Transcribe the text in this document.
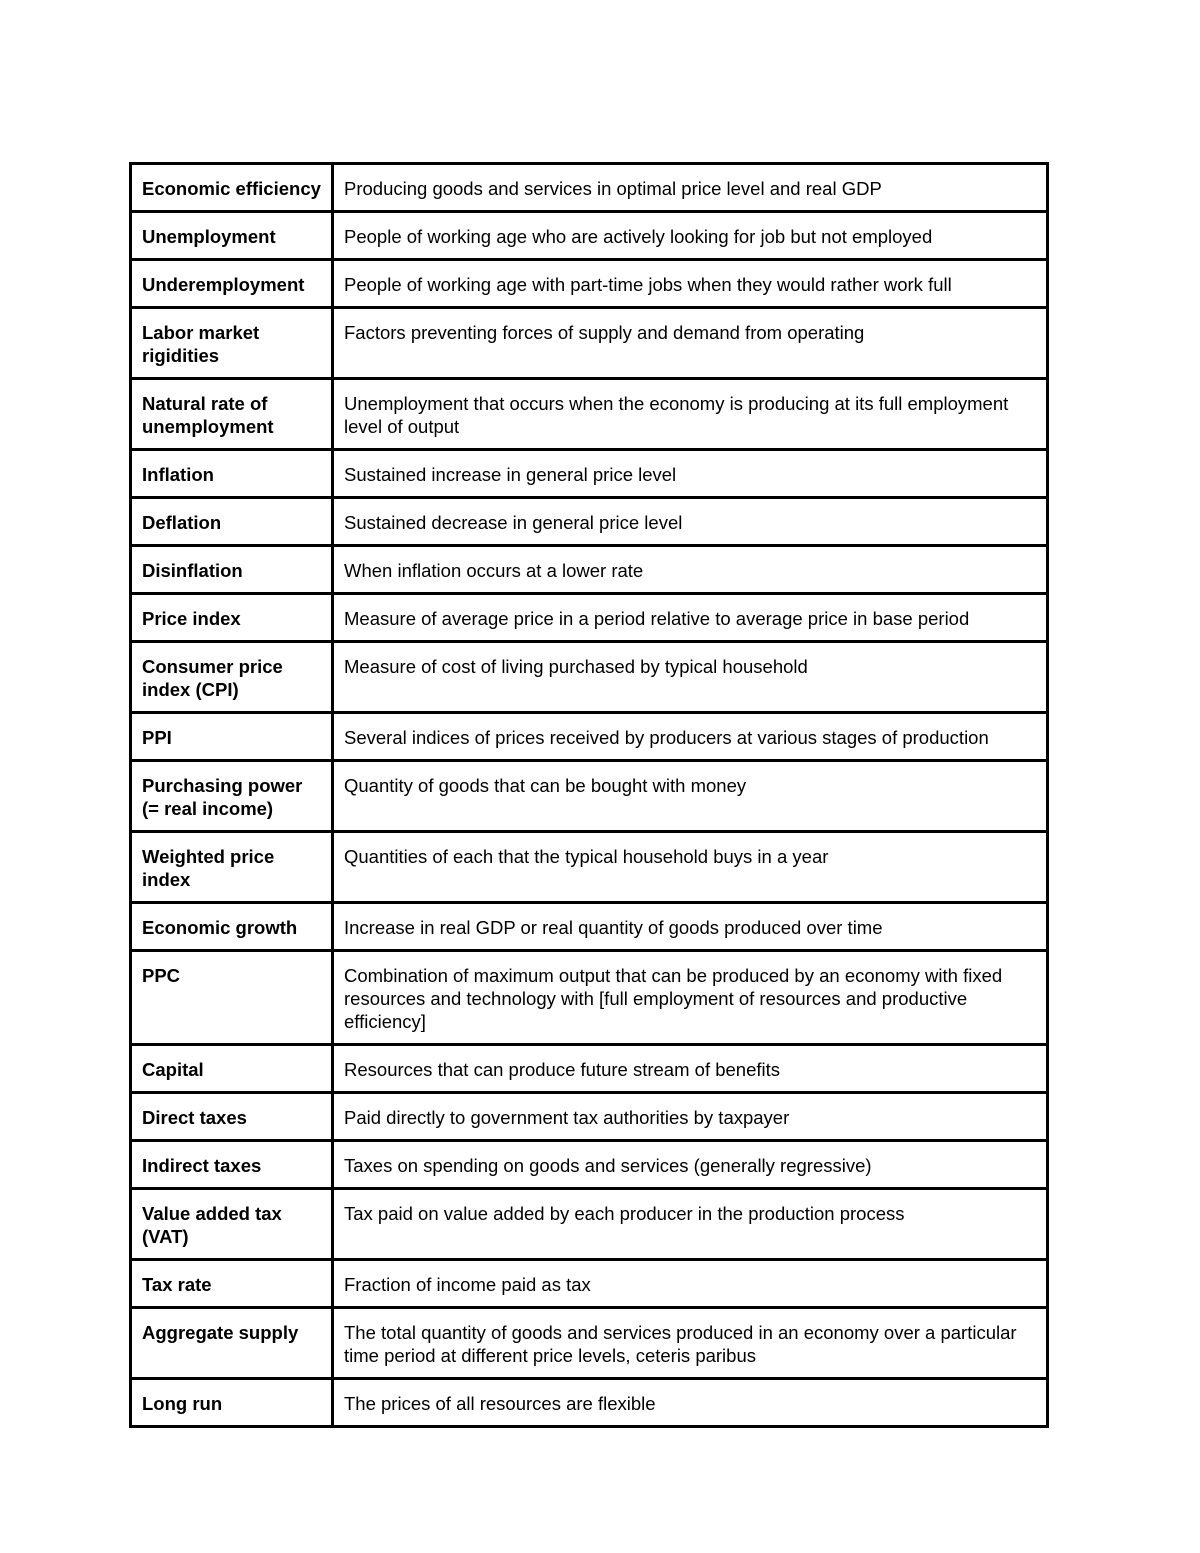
Economic efficiency	Producing goods and services in optimal price level and real GDP
Unemployment	People of working age who are actively looking for job but not employed
Underemployment	People of working age with part-time jobs when they would rather work full
Labor market rigidities	Factors preventing forces of supply and demand from operating
Natural rate of unemployment	Unemployment that occurs when the economy is producing at its full employment level of output
Inflation	Sustained increase in general price level
Deflation	Sustained decrease in general price level
Disinflation	When inflation occurs at a lower rate
Price index	Measure of average price in a period relative to average price in base period
Consumer price index (CPI)	Measure of cost of living purchased by typical household
PPI	Several indices of prices received by producers at various stages of production
Purchasing power (= real income)	Quantity of goods that can be bought with money
Weighted price index	Quantities of each that the typical household buys in a year
Economic growth	Increase in real GDP or real quantity of goods produced over time
PPC	Combination of maximum output that can be produced by an economy with fixed resources and technology with [full employment of resources and productive efficiency]
Capital	Resources that can produce future stream of benefits
Direct taxes	Paid directly to government tax authorities by taxpayer
Indirect taxes	Taxes on spending on goods and services (generally regressive)
Value added tax (VAT)	Tax paid on value added by each producer in the production process
Tax rate	Fraction of income paid as tax
Aggregate supply	The total quantity of goods and services produced in an economy over a particular time period at different price levels, ceteris paribus
Long run	The prices of all resources are flexible
